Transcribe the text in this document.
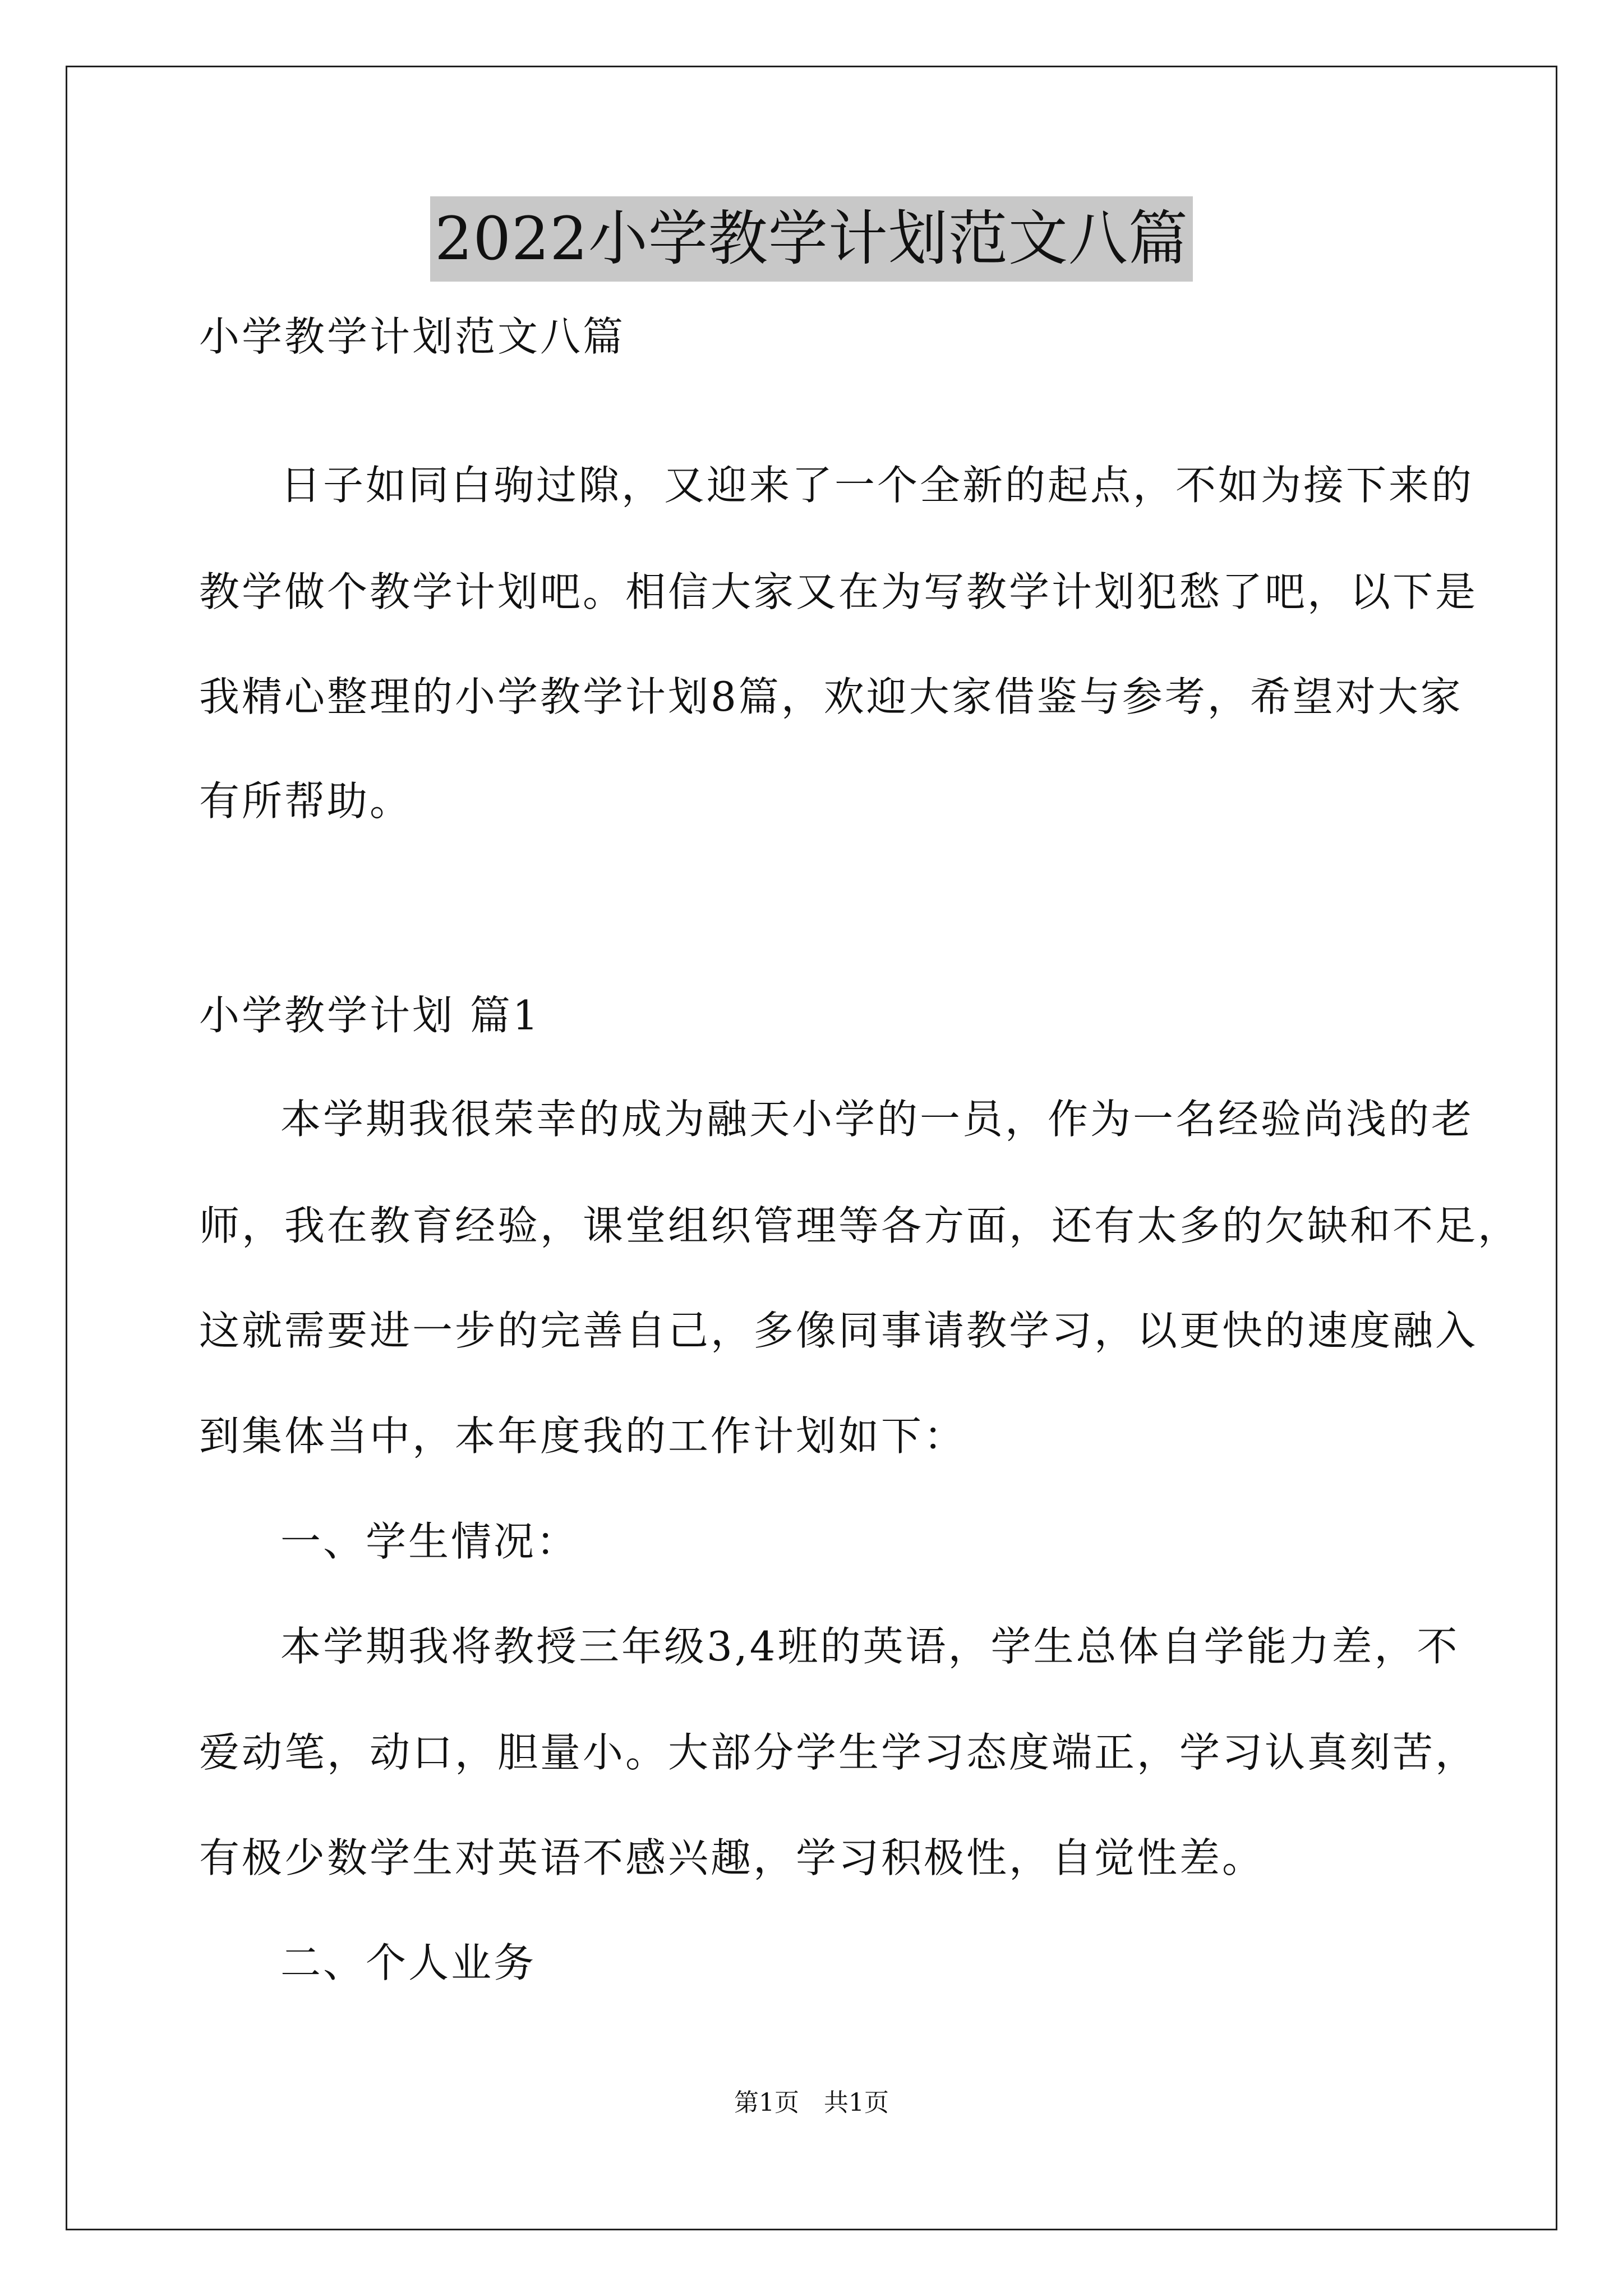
2022小学教学计划范文八篇
小学教学计划范文八篇
日子如同白驹过隙，又迎来了一个全新的起点，不如为接下来的
教学做个教学计划吧。相信大家又在为写教学计划犯愁了吧，以下是
我精心整理的小学教学计划8篇，欢迎大家借鉴与参考，希望对大家
有所帮助。
小学教学计划 篇1
本学期我很荣幸的成为融天小学的一员，作为一名经验尚浅的老
师，我在教育经验，课堂组织管理等各方面，还有太多的欠缺和不足，
这就需要进一步的完善自己，多像同事请教学习，以更快的速度融入
到集体当中，本年度我的工作计划如下：
一、学生情况：
本学期我将教授三年级3,4班的英语，学生总体自学能力差，不
爱动笔，动口，胆量小。大部分学生学习态度端正，学习认真刻苦，
有极少数学生对英语不感兴趣，学习积极性，自觉性差。
二、个人业务
第1页 共1页
